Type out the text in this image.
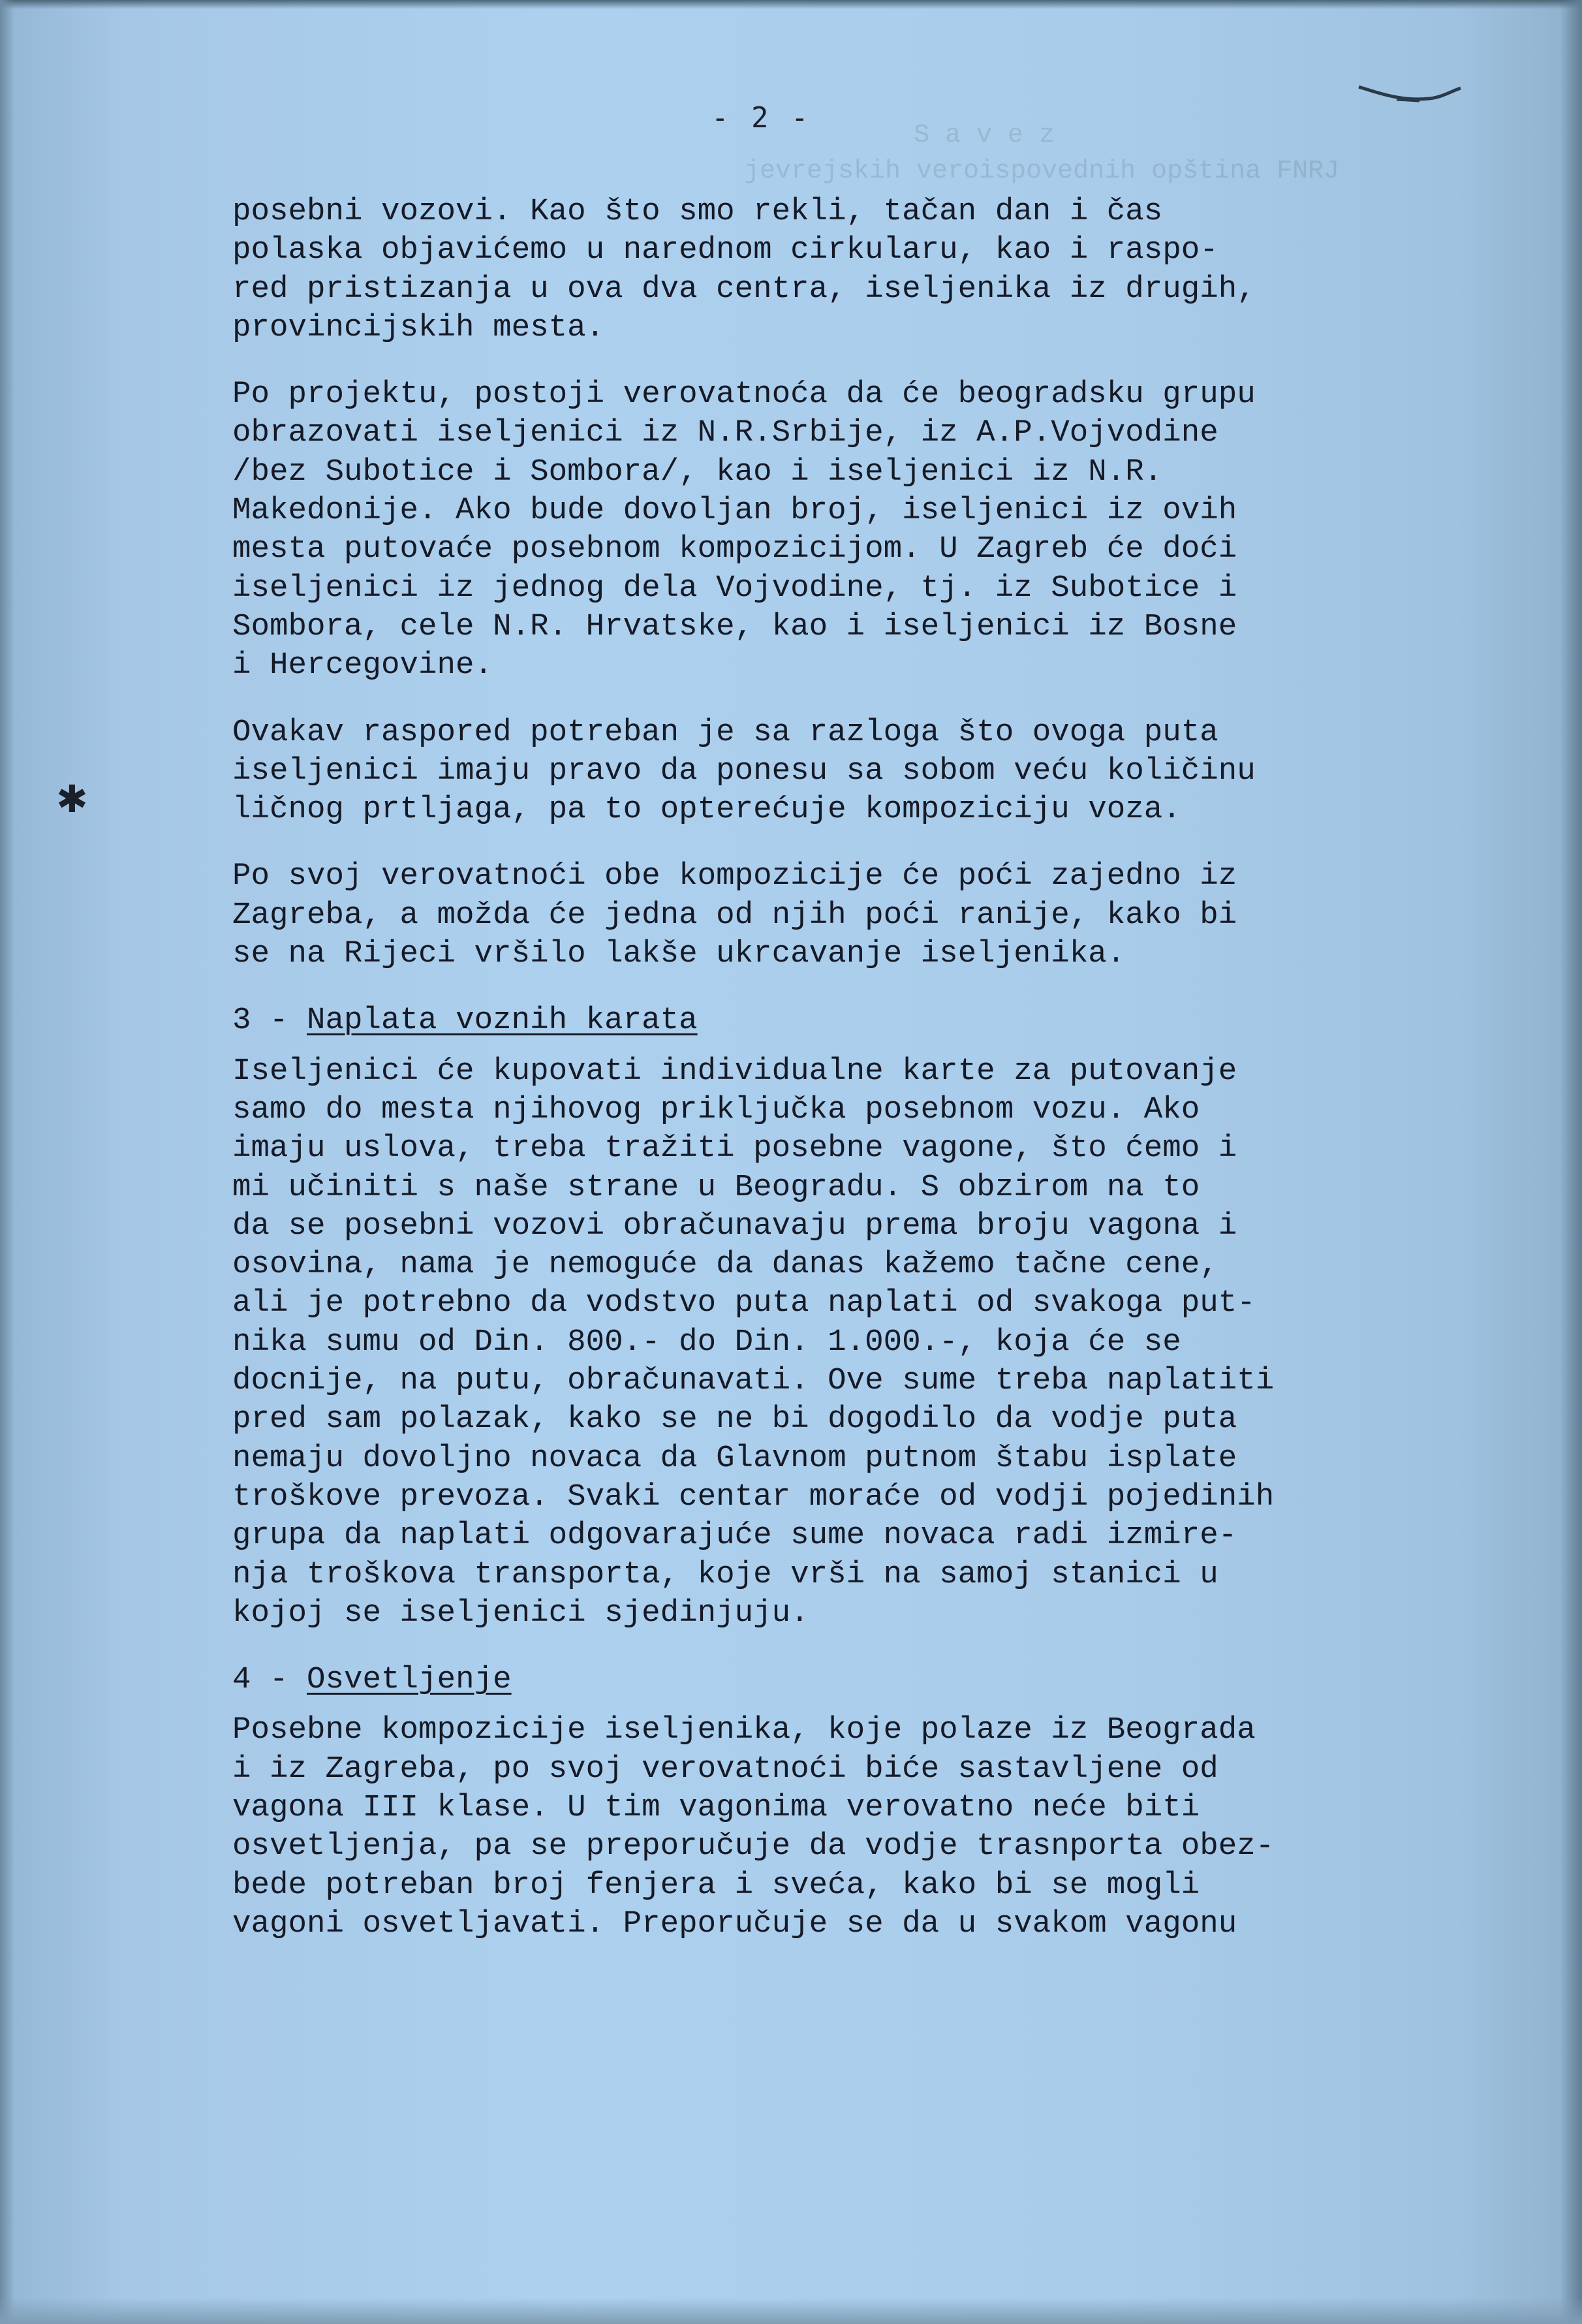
S a v e z
jevrejskih veroispovednih opština FNRJ
- 2 -
✱
posebni vozovi. Kao što smo rekli, tačan dan i čas
polaska objavićemo u narednom cirkularu, kao i raspo-
red pristizanja u ova dva centra, iseljenika iz drugih,
provincijskih mesta.
Po projektu, postoji verovatnoća da će beogradsku grupu
obrazovati iseljenici iz N.R.Srbije, iz A.P.Vojvodine
/bez Subotice i Sombora/, kao i iseljenici iz N.R.
Makedonije. Ako bude dovoljan broj, iseljenici iz ovih
mesta putovaće posebnom kompozicijom. U Zagreb će doći
iseljenici iz jednog dela Vojvodine, tj. iz Subotice i
Sombora, cele N.R. Hrvatske, kao i iseljenici iz Bosne
i Hercegovine.
Ovakav raspored potreban je sa razloga što ovoga puta
iseljenici imaju pravo da ponesu sa sobom veću količinu
ličnog prtljaga, pa to opterećuje kompoziciju voza.
Po svoj verovatnoći obe kompozicije će poći zajedno iz
Zagreba, a možda će jedna od njih poći ranije, kako bi
se na Rijeci vršilo lakše ukrcavanje iseljenika.
3 - Naplata voznih karata
Iseljenici će kupovati individualne karte za putovanje
samo do mesta njihovog priključka posebnom vozu. Ako
imaju uslova, treba tražiti posebne vagone, što ćemo i
mi učiniti s naše strane u Beogradu. S obzirom na to
da se posebni vozovi obračunavaju prema broju vagona i
osovina, nama je nemoguće da danas kažemo tačne cene,
ali je potrebno da vodstvo puta naplati od svakoga put-
nika sumu od Din. 800.- do Din. 1.000.-, koja će se
docnije, na putu, obračunavati. Ove sume treba naplatiti
pred sam polazak, kako se ne bi dogodilo da vodje puta
nemaju dovoljno novaca da Glavnom putnom štabu isplate
troškove prevoza. Svaki centar moraće od vodji pojedinih
grupa da naplati odgovarajuće sume novaca radi izmire-
nja troškova transporta, koje vrši na samoj stanici u
kojoj se iseljenici sjedinjuju.
4 - Osvetljenje
Posebne kompozicije iseljenika, koje polaze iz Beograda
i iz Zagreba, po svoj verovatnoći biće sastavljene od
vagona III klase. U tim vagonima verovatno neće biti
osvetljenja, pa se preporučuje da vodje trasnporta obez-
bede potreban broj fenjera i sveća, kako bi se mogli
vagoni osvetljavati. Preporučuje se da u svakom vagonu
